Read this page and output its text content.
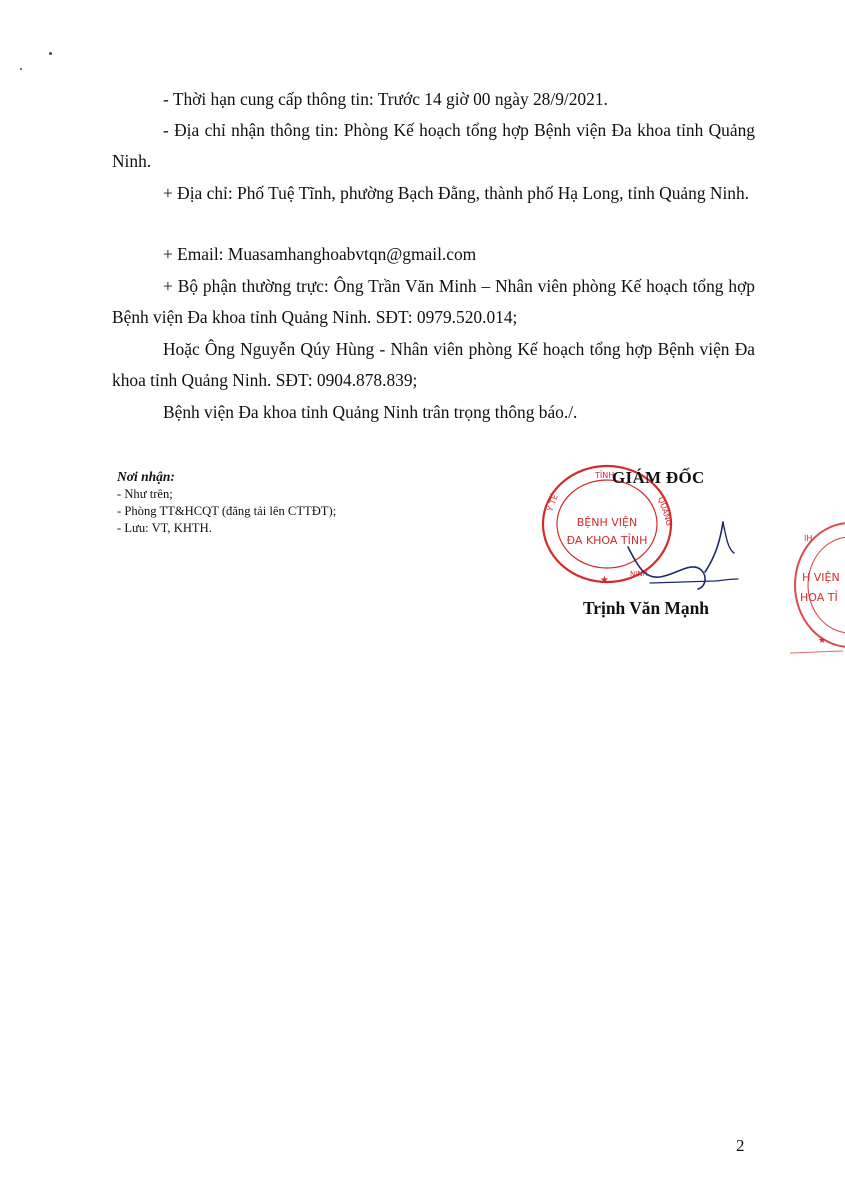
- Thời hạn cung cấp thông tin: Trước 14 giờ 00 ngày 28/9/2021.

- Địa chỉ nhận thông tin: Phòng Kế hoạch tổng hợp Bệnh viện Đa khoa tỉnh Quảng Ninh.

+ Địa chỉ: Phố Tuệ Tĩnh, phường Bạch Đằng, thành phố Hạ Long, tỉnh Quảng Ninh.

+ Email: Muasamhanghoabvtqn@gmail.com

+ Bộ phận thường trực: Ông Trần Văn Minh – Nhân viên phòng Kế hoạch tổng hợp Bệnh viện Đa khoa tỉnh Quảng Ninh. SĐT: 0979.520.014;

Hoặc Ông Nguyễn Qúy Hùng - Nhân viên phòng Kế hoạch tổng hợp Bệnh viện Đa khoa tỉnh Quảng Ninh. SĐT: 0904.878.839;

Bệnh viện Đa khoa tỉnh Quảng Ninh trân trọng thông báo./.

Nơi nhận:
- Như trên;
- Phòng TT&HCQT (đăng tải lên CTTĐT);
- Lưu: VT, KHTH.
TỈNH
Y TẾ	QUẢNG
NINH
BỆNH VIỆN
ĐA KHOA TỈNH
★
GIÁM ĐỐC
Trịnh Văn Mạnh
IH
H VIỆN
HOA TỈ
★
2
